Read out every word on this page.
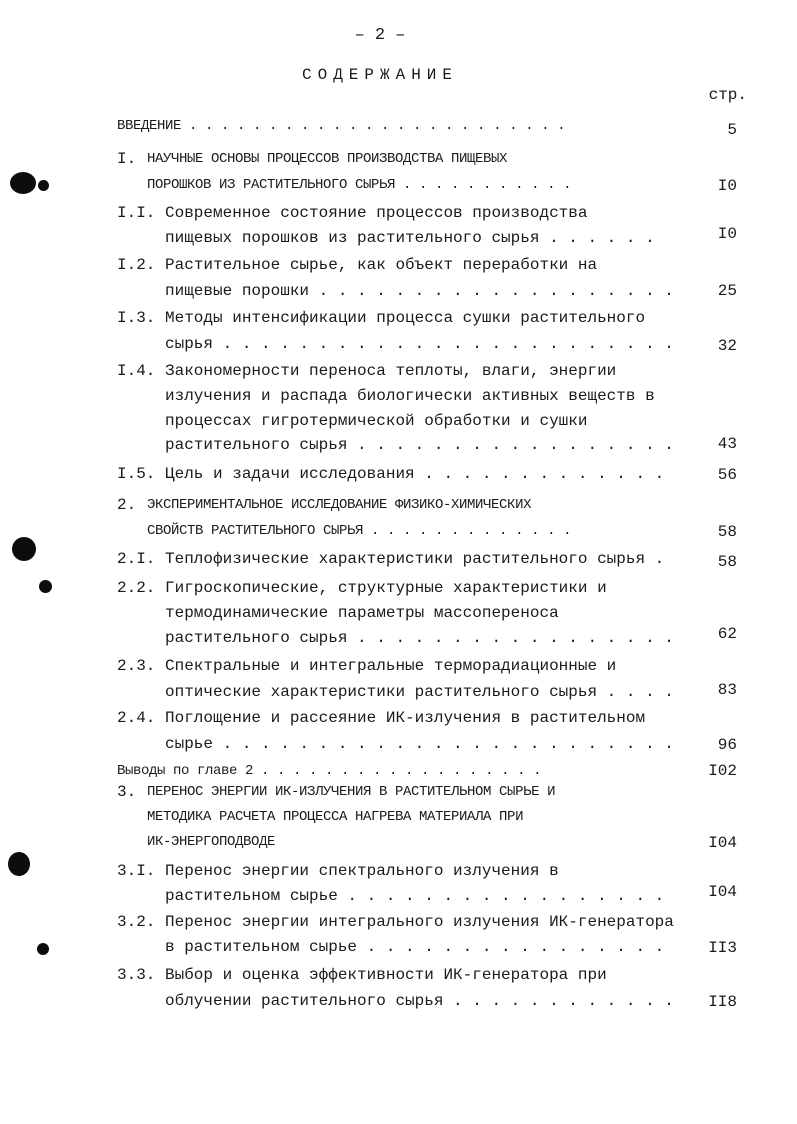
– 2 –
СОДЕРЖАНИЕ
стр.
ВВЕДЕНИЕ . . . . . . . . . . . . . . . . . . . . . . . .	5
I. НАУЧНЫЕ ОСНОВЫ ПРОЦЕССОВ ПРОИЗВОДСТВА ПИЩЕВЫХ
ПОРОШКОВ ИЗ РАСТИТЕЛЬНОГО СЫРЬЯ . . . . . . . . . . .	I0
I.I. Современное состояние процессов производства
пищевых порошков из растительного сырья . . . . . .	I0
I.2. Растительное сырье, как объект переработки на
пищевые порошки . . . . . . . . . . . . . . . . . . .	25
I.3. Методы интенсификации процесса сушки растительного
сырья . . . . . . . . . . . . . . . . . . . . . . . .	32
I.4. Закономерности переноса теплоты, влаги, энергии
излучения и распада биологически активных веществ в
процессах гигротермической обработки и сушки
растительного сырья . . . . . . . . . . . . . . . . .	43
I.5. Цель и задачи исследования . . . . . . . . . . . . .	56
2. ЭКСПЕРИМЕНТАЛЬНОЕ ИССЛЕДОВАНИЕ ФИЗИКО-ХИМИЧЕСКИХ
СВОЙСТВ РАСТИТЕЛЬНОГО СЫРЬЯ . . . . . . . . . . . . .	58
2.I. Теплофизические характеристики растительного сырья .	58
2.2. Гигроскопические, структурные характеристики и
термодинамические параметры массопереноса
растительного сырья . . . . . . . . . . . . . . . . .	62
2.3. Спектральные и интегральные терморадиационные и
оптические характеристики растительного сырья . . . .	83
2.4. Поглощение и рассеяние ИК-излучения в растительном
сырье . . . . . . . . . . . . . . . . . . . . . . . .	96
Выводы по главе 2 . . . . . . . . . . . . . . . . . .	I02
3. ПЕРЕНОС ЭНЕРГИИ ИК-ИЗЛУЧЕНИЯ В РАСТИТЕЛЬНОМ СЫРЬЕ И
МЕТОДИКА РАСЧЕТА ПРОЦЕССА НАГРЕВА МАТЕРИАЛА ПРИ
ИК-ЭНЕРГОПОДВОДЕ	I04
3.I. Перенос энергии спектрального излучения в
растительном сырье . . . . . . . . . . . . . . . . .	I04
3.2. Перенос энергии интегрального излучения ИК-генератора
в растительном сырье . . . . . . . . . . . . . . . .	II3
3.3. Выбор и оценка эффективности ИК-генератора при
облучении растительного сырья . . . . . . . . . . . .	II8
